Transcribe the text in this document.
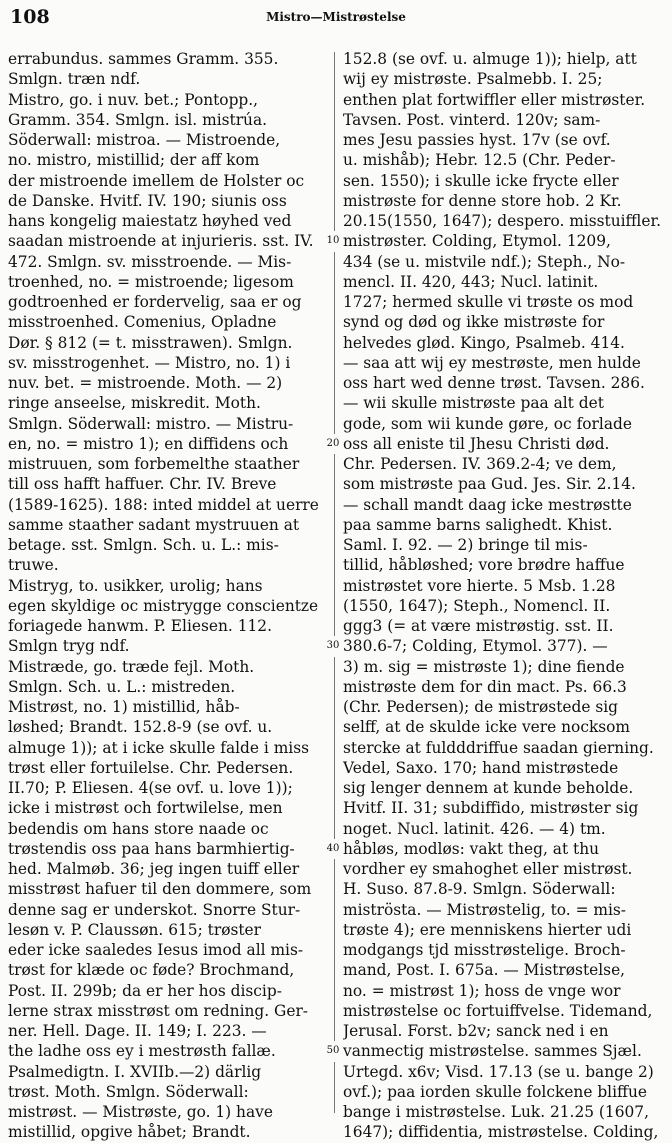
108	Mistro—Mistrøstelse
errabundus. sammes Gramm. 355.
Smlgn. træn ndf.
Mistro, go. i nuv. bet.; Pontopp.,
Gramm. 354. Smlgn. isl. mistrúa.
Söderwall: mistroa. — Mistroende,
no. mistro, mistillid; der aff kom
der mistroende imellem de Holster oc
de Danske. Hvitf. IV. 190; siunis oss
hans kongelig maiestatz høyhed ved
saadan mistroende at injurieris. sst. IV.
472. Smlgn. sv. misstroende. — Mis-
troenhed, no. = mistroende; ligesom
godtroenhed er fordervelig, saa er og
misstroenhed. Comenius, Opladne
Dør. § 812 (= t. misstrawen). Smlgn.
sv. misstrogenhet. — Mistro, no. 1) i
nuv. bet. = mistroende. Moth. — 2)
ringe anseelse, miskredit. Moth.
Smlgn. Söderwall: mistro. — Mistru-
en, no. = mistro 1); en diffidens och
mistruuen, som forbemelthe staather
till oss hafft haffuer. Chr. IV. Breve
(1589-1625). 188: inted middel at uerre
samme staather sadant mystruuen at
betage. sst. Smlgn. Sch. u. L.: mis-
truwe.
Mistryg, to. usikker, urolig; hans
egen skyldige oc mistrygge conscientze
foriagede hanwm. P. Eliesen. 112.
Smlgn tryg ndf.
Mistræde, go. træde fejl. Moth.
Smlgn. Sch. u. L.: mistreden.
Mistrøst, no. 1) mistillid, håb-
løshed; Brandt. 152.8-9 (se ovf. u.
almuge 1)); at i icke skulle falde i miss
trøst eller fortuilelse. Chr. Pedersen.
II.70; P. Eliesen. 4(se ovf. u. love 1));
icke i mistrøst och fortwilelse, men
bedendis om hans store naade oc
trøstendis oss paa hans barmhiertig-
hed. Malmøb. 36; jeg ingen tuiff eller
misstrøst hafuer til den dommere, som
denne sag er underskot. Snorre Stur-
lesøn v. P. Claussøn. 615; trøster
eder icke saaledes Iesus imod all mis-
trøst for klæde oc føde? Brochmand,
Post. II. 299b; da er her hos discip-
lerne strax misstrøst om redning. Ger-
ner. Hell. Dage. II. 149; I. 223. —
the ladhe oss ey i mestrøsth fallæ.
Psalmedigtn. I. XVIIb.—2) därlig
trøst. Moth. Smlgn. Söderwall:
mistrøst. — Mistrøste, go. 1) have
mistillid, opgive håbet; Brandt.
10
20
30
40
50
152.8 (se ovf. u. almuge 1)); hielp, att
wij ey mistrøste. Psalmebb. I. 25;
enthen plat fortwiffler eller mistrøster.
Tavsen. Post. vinterd. 120v; sam-
mes Jesu passies hyst. 17v (se ovf.
u. mishåb); Hebr. 12.5 (Chr. Peder-
sen. 1550); i skulle icke frycte eller
mistrøste for denne store hob. 2 Kr.
20.15(1550, 1647); despero. misstuiffler.
mistrøster. Colding, Etymol. 1209,
434 (se u. mistvile ndf.); Steph., No-
mencl. II. 420, 443; Nucl. latinit.
1727; hermed skulle vi trøste os mod
synd og død og ikke mistrøste for
helvedes glød. Kingo, Psalmeb. 414.
— saa att wij ey mestrøste, men hulde
oss hart wed denne trøst. Tavsen. 286.
— wii skulle mistrøste paa alt det
gode, som wii kunde gøre, oc forlade
oss all eniste til Jhesu Christi død.
Chr. Pedersen. IV. 369.2-4; ve dem,
som mistrøste paa Gud. Jes. Sir. 2.14.
— schall mandt daag icke mestrøstte
paa samme barns salighedt. Khist.
Saml. I. 92. — 2) bringe til mis-
tillid, håbløshed; vore brødre haffue
mistrøstet vore hierte. 5 Msb. 1.28
(1550, 1647); Steph., Nomencl. II.
ggg3 (= at være mistrøstig. sst. II.
380.6-7; Colding, Etymol. 377). —
3) m. sig = mistrøste 1); dine fiende
mistrøste dem for din mact. Ps. 66.3
(Chr. Pedersen); de mistrøstede sig
selff, at de skulde icke vere nocksom
stercke at fuldddriffue saadan gierning.
Vedel, Saxo. 170; hand mistrøstede
sig lenger dennem at kunde beholde.
Hvitf. II. 31; subdiffido, mistrøster sig
noget. Nucl. latinit. 426. — 4) tm.
håbløs, modløs: vakt theg, at thu
vordher ey smahoghet eller mistrøst.
H. Suso. 87.8-9. Smlgn. Söderwall:
miströsta. — Mistrøstelig, to. = mis-
trøste 4); ere menniskens hierter udi
modgangs tjd misstrøstelige. Broch-
mand, Post. I. 675a. — Mistrøstelse,
no. = mistrøst 1); hoss de vnge wor
mistrøstelse oc fortuiffvelse. Tidemand,
Jerusal. Forst. b2v; sanck ned i en
vanmectig mistrøstelse. sammes Sjæl.
Urtegd. x6v; Visd. 17.13 (se u. bange 2)
ovf.); paa iorden skulle folckene bliffue
bange i mistrøstelse. Luk. 21.25 (1607,
1647); diffidentia, mistrøstelse. Colding,
